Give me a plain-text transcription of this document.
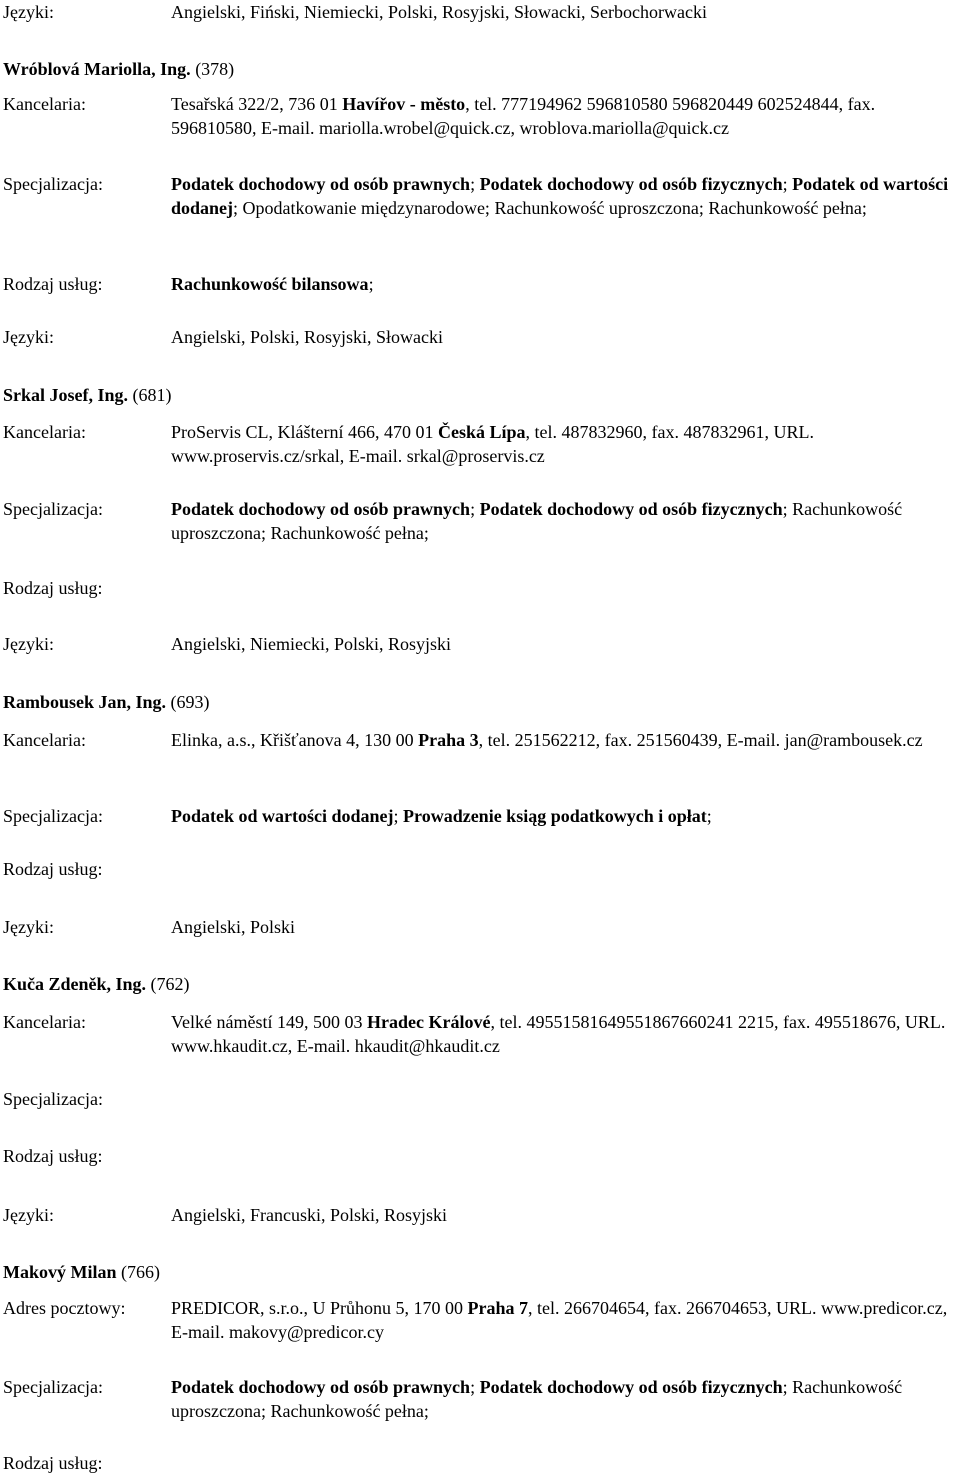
Języki:	Angielski, Fiński, Niemiecki, Polski, Rosyjski, Słowacki, Serbochorwacki
Wróblová Mariolla, Ing. (378)
Kancelaria:	Tesařská 322/2, 736 01 Havířov - město, tel. 777194962 596810580 596820449 602524844, fax. 596810580, E-mail. mariolla.wrobel@quick.cz, wroblova.mariolla@quick.cz
Specjalizacja:	Podatek dochodowy od osób prawnych; Podatek dochodowy od osób fizycznych; Podatek od wartości dodanej; Opodatkowanie międzynarodowe; Rachunkowość uproszczona; Rachunkowość pełna;
Rodzaj usług:	Rachunkowość bilansowa;
Języki:	Angielski, Polski, Rosyjski, Słowacki
Srkal Josef, Ing. (681)
Kancelaria:	ProServis CL, Klášterní 466, 470 01 Česká Lípa, tel. 487832960, fax. 487832961, URL. www.proservis.cz/srkal, E-mail. srkal@proservis.cz
Specjalizacja:	Podatek dochodowy od osób prawnych; Podatek dochodowy od osób fizycznych; Rachunkowość uproszczona; Rachunkowość pełna;
Rodzaj usług:
Języki:	Angielski, Niemiecki, Polski, Rosyjski
Rambousek Jan, Ing. (693)
Kancelaria:	Elinka, a.s., Křišťanova 4, 130 00 Praha 3, tel. 251562212, fax. 251560439, E-mail. jan@rambousek.cz
Specjalizacja:	Podatek od wartości dodanej; Prowadzenie ksiąg podatkowych i opłat;
Rodzaj usług:
Języki:	Angielski, Polski
Kuča Zdeněk, Ing. (762)
Kancelaria:	Velké náměstí 149, 500 03 Hradec Králové, tel. 49551581649551867660241 2215, fax. 495518676, URL. www.hkaudit.cz, E-mail. hkaudit@hkaudit.cz
Specjalizacja:
Rodzaj usług:
Języki:	Angielski, Francuski, Polski, Rosyjski
Makový Milan (766)
Adres pocztowy:	PREDICOR, s.r.o., U Průhonu 5, 170 00 Praha 7, tel. 266704654, fax. 266704653, URL. www.predicor.cz, E-mail. makovy@predicor.cy
Specjalizacja:	Podatek dochodowy od osób prawnych; Podatek dochodowy od osób fizycznych; Rachunkowość uproszczona; Rachunkowość pełna;
Rodzaj usług:
